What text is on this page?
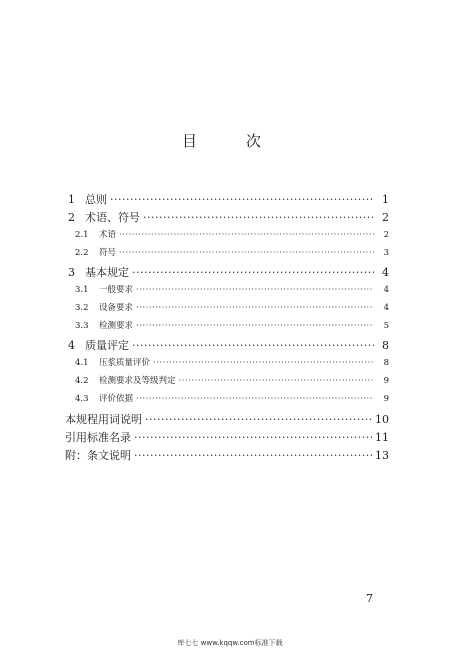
目　次
1 总则 ·····	1
2 术语、符号 ·····	2
2.1	术语 ·····	2
2.2	符号 ·····	3
3 基本规定 ·····	4
3.1	一般要求 ·····	4
3.2	设备要求 ·····	4
3.3	检测要求 ·····	5
4 质量评定 ·····	8
4.1	压浆质量评价 ·····	8
4.2	检测要求及等级判定 ·····	9
4.3	评价依据 ·····	9
本规程用词说明 ·····	10
引用标准名录 ·····	11
附：条文说明 ·····	13
7
库七七 www.kqqw.com标准下载
